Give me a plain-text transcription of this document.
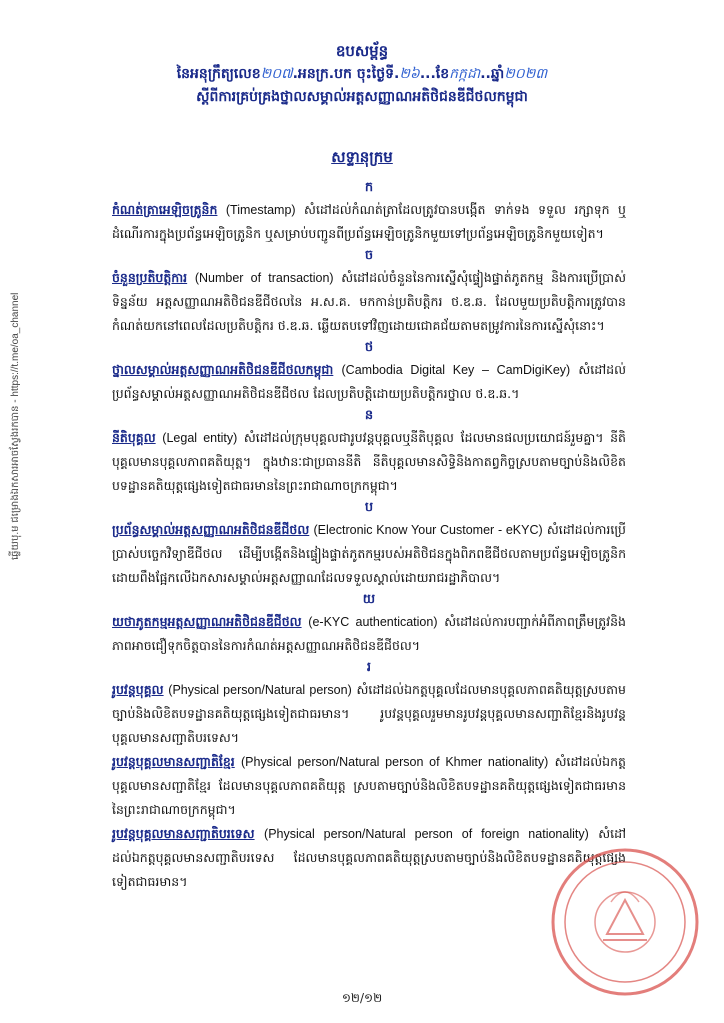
ឧបសម្ព័ន្ធ
នៃអនុក្រឹត្យលេខ២០៧.អនក្រ.បក ចុះថ្ងៃទី.២៦...ខែកក្កដា..ឆ្នាំ២០២៣
ស្តីពីការគ្រប់គ្រងថ្នាលសម្គាល់អត្តសញ្ញាណអតិថិជនឌីជីថលកម្ពុជា
សទ្ទានុក្រម
ក
កំណត់ត្រាអេឡិចត្រូនិក (Timestamp) សំដៅដល់កំណត់ត្រាដែលត្រូវបានបង្កើត ទាក់ទង ទទួល រក្សាទុក ឬដំណើរការក្នុងប្រព័ន្ធអេឡិចត្រូនិក ឬសម្រាប់បញ្ជូនពីប្រព័ន្ធអេឡិចត្រូនិកមួយទៅប្រព័ន្ធអេឡិចត្រូនិកមួយទៀត។
ច
ចំនួនប្រតិបត្តិការ (Number of transaction) សំដៅដល់ចំនួននៃការស្នើសុំផ្ទៀងផ្ទាត់ភូតកម្ម និងការប្រើប្រាស់ទិន្នន័យ អត្តសញ្ញាណអតិថិជនឌីជីថលនៃ អ.ស.គ. មកកាន់ប្រតិបត្តិករ ថ.ឌ.ឆ. ដែលមួយប្រតិបត្តិការត្រូវបានកំណត់យកនៅពេលដែលប្រតិបត្តិករ ថ.ឌ.ឆ. ឆ្លើយតបទៅវិញដោយជោគជ័យតាមតម្រូវការនៃការស្នើសុំនោះ។
ថ
ថ្នាលសម្គាល់អត្តសញ្ញាណអតិថិជនឌីជីថលកម្ពុជា (Cambodia Digital Key – CamDigiKey) សំដៅដល់ប្រព័ន្ធសម្គាល់អត្តសញ្ញាណអតិថិជនឌីជីថល ដែលប្រតិបត្តិដោយប្រតិបត្តិករថ្នាល ថ.ឌ.ឆ.។
ន
នីតិបុគ្គល (Legal entity) សំដៅដល់ក្រុមបុគ្គលជារូបវន្តបុគ្គលឬនីតិបុគ្គល ដែលមានផលប្រយោជន៍រួមគ្នា។ នីតិបុគ្គលមានបុគ្គលភាពគតិយុត្ត។ ក្នុងឋានៈជាប្រធាននីតិ នីតិបុគ្គលមានសិទ្ធិនិងកាតព្វកិច្ចស្របតាមច្បាប់និងលិខិតបទដ្ឋានគតិយុត្តផ្សេងទៀតជាធរមាននៃព្រះរាជាណាចក្រកម្ពុជា។
ប
ប្រព័ន្ធសម្គាល់អត្តសញ្ញាណអតិថិជនឌីជីថល (Electronic Know Your Customer - eKYC) សំដៅដល់ការប្រើប្រាស់បច្ចេកវិទ្យាឌីជីថល ដើម្បីបង្កើតនិងផ្ទៀងផ្ទាត់ភូតកម្មរបស់អតិថិជនក្នុងពិភពឌីជីថលតាមប្រព័ន្ធអេឡិចត្រូនិក ដោយពឹងផ្អែកលើឯកសារសម្គាល់អត្តសញ្ញាណដែលទទួលស្គាល់ដោយរាជរដ្ឋាភិបាល។
យ
យថាភូតកម្មអត្តសញ្ញាណអតិថិជនឌីជីថល (e-KYC authentication) សំដៅដល់ការបញ្ជាក់អំពីភាពត្រឹមត្រូវនិងភាពអាចជឿទុកចិត្តបាននៃការកំណត់អត្តសញ្ញាណអតិថិជនឌីជីថល។
រ
រូបវន្តបុគ្គល (Physical person/Natural person) សំដៅដល់ឯកត្តបុគ្គលដែលមានបុគ្គលភាពគតិយុត្តស្របតាមច្បាប់និងលិខិតបទដ្ឋានគតិយុត្តផ្សេងទៀតជាធរមាន។ រូបវន្តបុគ្គលរួមមានរូបវន្តបុគ្គលមានសញ្ជាតិខ្មែរនិងរូបវន្តបុគ្គលមានសញ្ជាតិបរទេស។
រូបវន្តបុគ្គលមានសញ្ជាតិខ្មែរ (Physical person/Natural person of Khmer nationality) សំដៅដល់ឯកត្តបុគ្គលមានសញ្ជាតិខ្មែរ ដែលមានបុគ្គលភាពគតិយុត្ត ស្របតាមច្បាប់និងលិខិតបទដ្ឋានគតិយុត្តផ្សេងទៀតជាធរមាននៃព្រះរាជាណាចក្រកម្ពុជា។
រូបវន្តបុគ្គលមានសញ្ជាតិបរទេស (Physical person/Natural person of foreign nationality) សំដៅដល់ឯកត្តបុគ្គលមានសញ្ជាតិបរទេស ដែលមានបុគ្គលភាពគតិយុត្តស្របតាមច្បាប់និងលិខិតបទដ្ឋានគតិយុត្តផ្សេងទៀតជាធរមាន។
ឆ្លើយបុ.ម ជម្រោងឯកសារអាចស្វែងរកបាន - https://t.me/oa_channel
១២/១២
